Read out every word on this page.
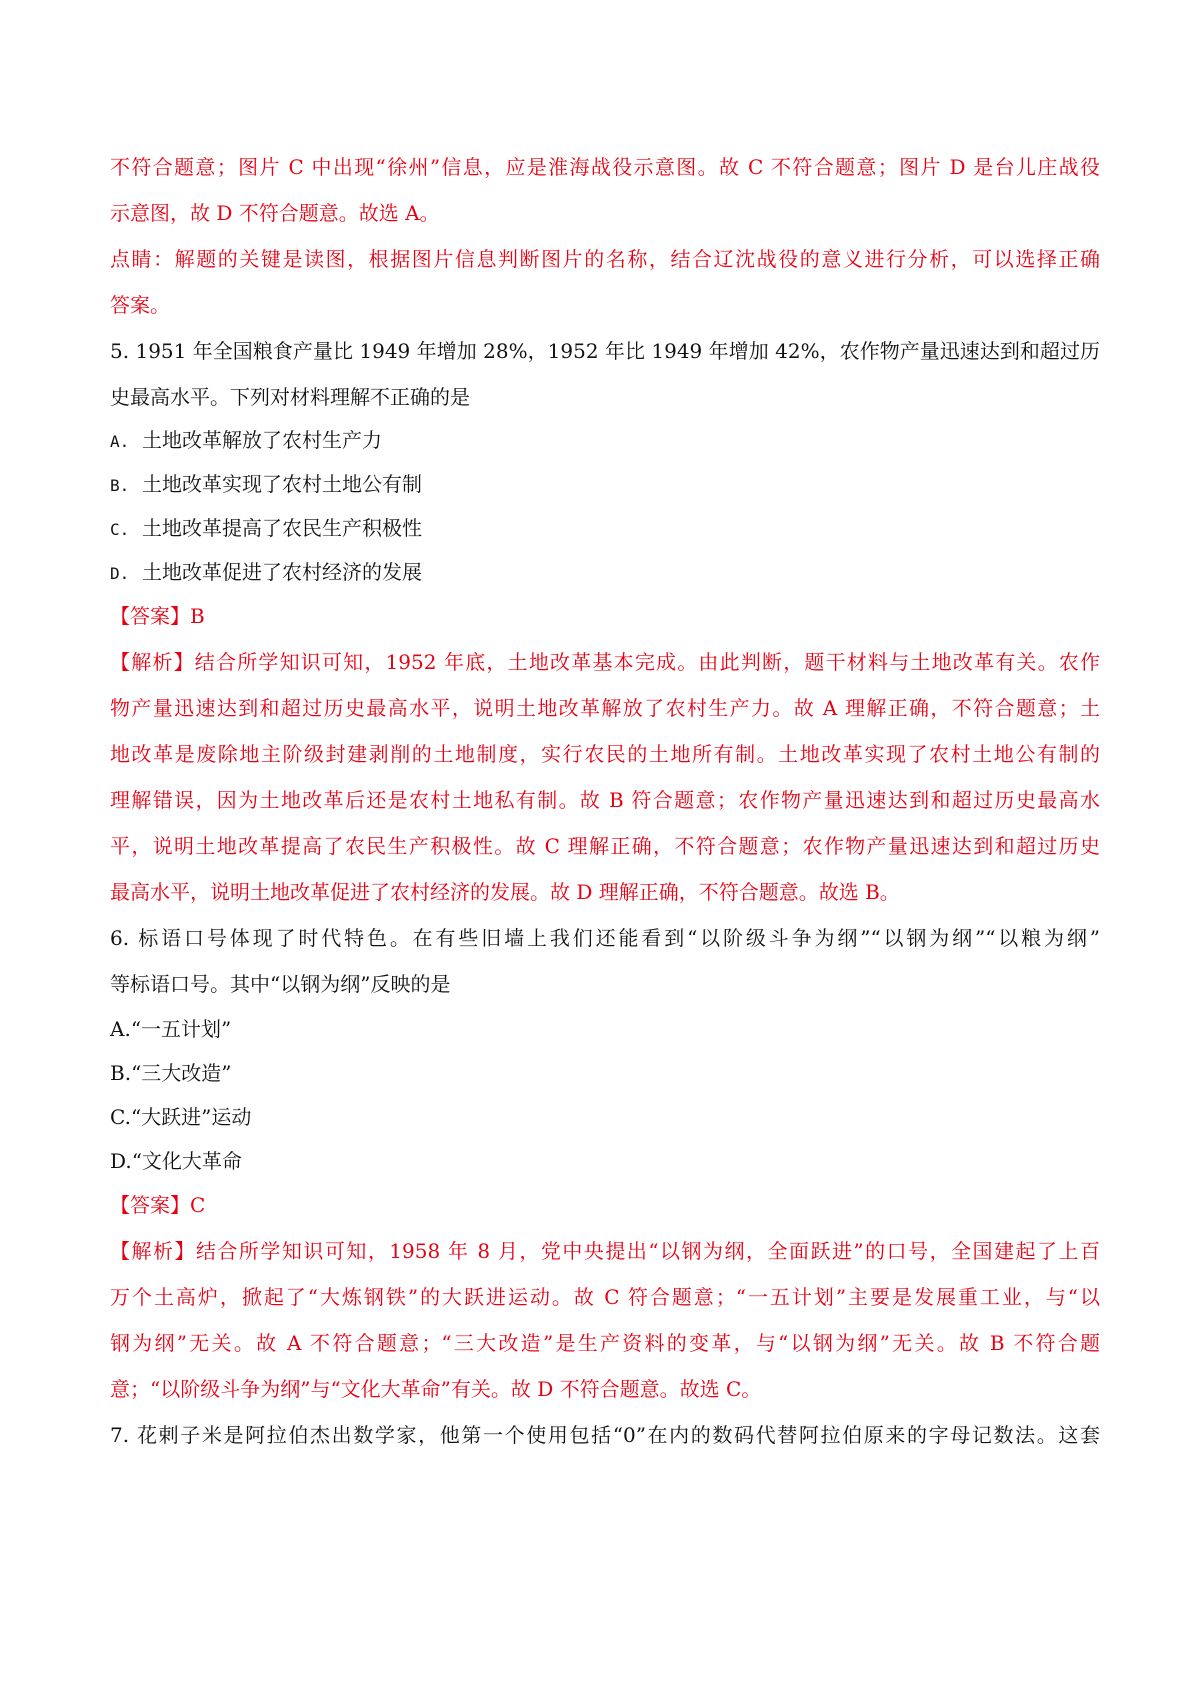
不符合题意；图片 C 中出现“徐州”信息，应是淮海战役示意图。故 C 不符合题意；图片 D 是台儿庄战役
示意图，故 D 不符合题意。故选 A。
点睛：解题的关键是读图，根据图片信息判断图片的名称，结合辽沈战役的意义进行分析，可以选择正确
答案。
5. 1951 年全国粮食产量比 1949 年增加 28%，1952 年比 1949 年增加 42%，农作物产量迅速达到和超过历
史最高水平。下列对材料理解不正确的是
A. 土地改革解放了农村生产力
B. 土地改革实现了农村土地公有制
C. 土地改革提高了农民生产积极性
D. 土地改革促进了农村经济的发展
【答案】B
【解析】结合所学知识可知，1952 年底，土地改革基本完成。由此判断，题干材料与土地改革有关。农作
物产量迅速达到和超过历史最高水平，说明土地改革解放了农村生产力。故 A 理解正确，不符合题意；土
地改革是废除地主阶级封建剥削的土地制度，实行农民的土地所有制。土地改革实现了农村土地公有制的
理解错误，因为土地改革后还是农村土地私有制。故 B 符合题意；农作物产量迅速达到和超过历史最高水
平，说明土地改革提高了农民生产积极性。故 C 理解正确，不符合题意；农作物产量迅速达到和超过历史
最高水平，说明土地改革促进了农村经济的发展。故 D 理解正确，不符合题意。故选 B。
6. 标语口号体现了时代特色。在有些旧墙上我们还能看到“以阶级斗争为纲”“以钢为纲”“以粮为纲”
等标语口号。其中“以钢为纲”反映的是
A.“一五计划”
B.“三大改造”
C.“大跃进”运动
D.“文化大革命
【答案】C
【解析】结合所学知识可知，1958 年 8 月，党中央提出“以钢为纲，全面跃进”的口号，全国建起了上百
万个土高炉，掀起了“大炼钢铁”的大跃进运动。故 C 符合题意；“一五计划”主要是发展重工业，与“以
钢为纲”无关。故 A 不符合题意；“三大改造”是生产资料的变革，与“以钢为纲”无关。故 B 不符合题
意；“以阶级斗争为纲”与“文化大革命”有关。故 D 不符合题意。故选 C。
7. 花剌子米是阿拉伯杰出数学家，他第一个使用包括“0”在内的数码代替阿拉伯原来的字母记数法。这套
